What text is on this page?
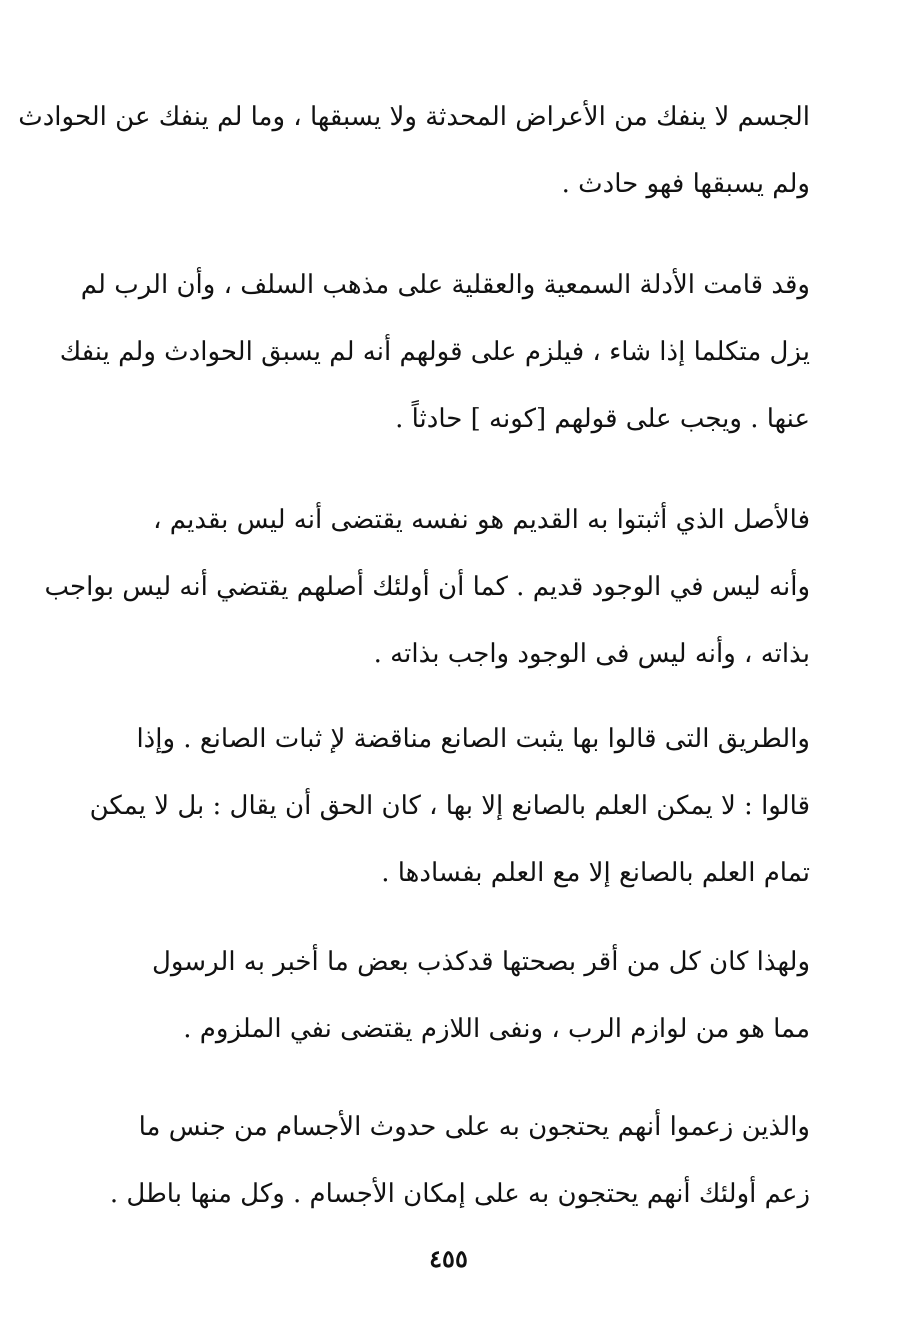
الجسم لا ينفك من الأعراض المحدثة ولا يسبقها ، وما لم ينفك عن الحوادث
ولم يسبقها فهو حادث .
وقد قامت الأدلة السمعية والعقلية على مذهب السلف ، وأن الرب لم
يزل متكلما إذا شاء ، فيلزم على قولهم أنه لم يسبق الحوادث ولم ينفك
عنها . ويجب على قولهم [كونه ] حادثاً .
فالأصل الذي أثبتوا به القديم هو نفسه يقتضى أنه ليس بقديم ،
وأنه ليس في الوجود قديم . كما أن أولئك أصلهم يقتضي أنه ليس بواجب
بذاته ، وأنه ليس فى الوجود واجب بذاته .
والطريق التى قالوا بها يثبت الصانع مناقضة لإ ثبات الصانع . وإذا
قالوا : لا يمكن العلم بالصانع إلا بها ، كان الحق أن يقال : بل لا يمكن
تمام العلم بالصانع إلا مع العلم بفسادها .
ولهذا كان كل من أقر بصحتها قدكذب بعض ما أخبر به الرسول
مما هو من لوازم الرب ، ونفى اللازم يقتضى نفي الملزوم .
والذين زعموا أنهم يحتجون به على حدوث الأجسام من جنس ما
زعم أولئك أنهم يحتجون به على إمكان الأجسام . وكل منها باطل .
٤٥٥
